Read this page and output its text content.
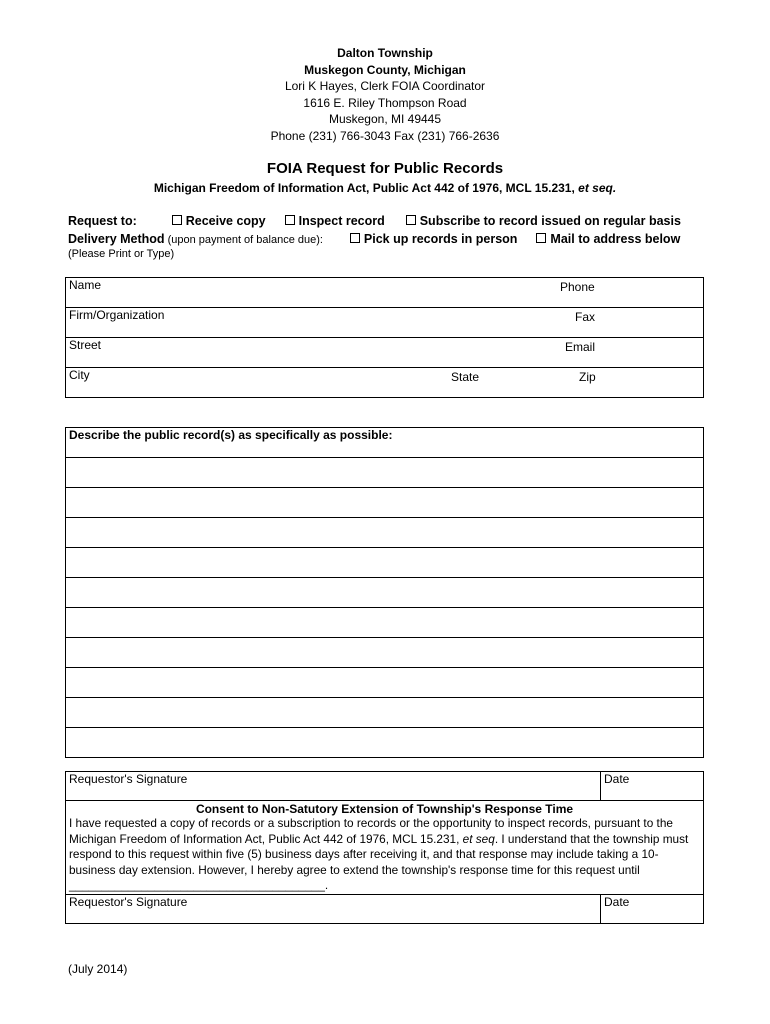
Dalton Township
Muskegon County, Michigan
Lori K Hayes, Clerk FOIA Coordinator
1616 E. Riley Thompson Road
Muskegon, MI 49445
Phone (231) 766-3043 Fax (231) 766-2636
FOIA Request for Public Records
Michigan Freedom of Information Act, Public Act 442 of 1976, MCL 15.231, et seq.
Request to:	Receive copy	Inspect record	Subscribe to record issued on regular basis
Delivery Method (upon payment of balance due):	Pick up records in person	Mail to address below
(Please Print or Type)
Name	Phone

Firm/Organization	Fax

Street	Email

City	State	Zip
Describe the public record(s) as specifically as possible:

Requestor's Signature	Date

Consent to Non-Satutory Extension of Township's Response Time
I have requested a copy of records or a subscription to records or the opportunity to inspect records, pursuant to the Michigan Freedom of Information Act, Public Act 442 of 1976, MCL 15.231, et seq. I understand that the township must respond to this request within five (5) business days after receiving it, and that response may include taking a 10-business day extension. However, I hereby agree to extend the township's response time for this request until _______________________________________.	

Requestor's Signature	Date
(July 2014)
